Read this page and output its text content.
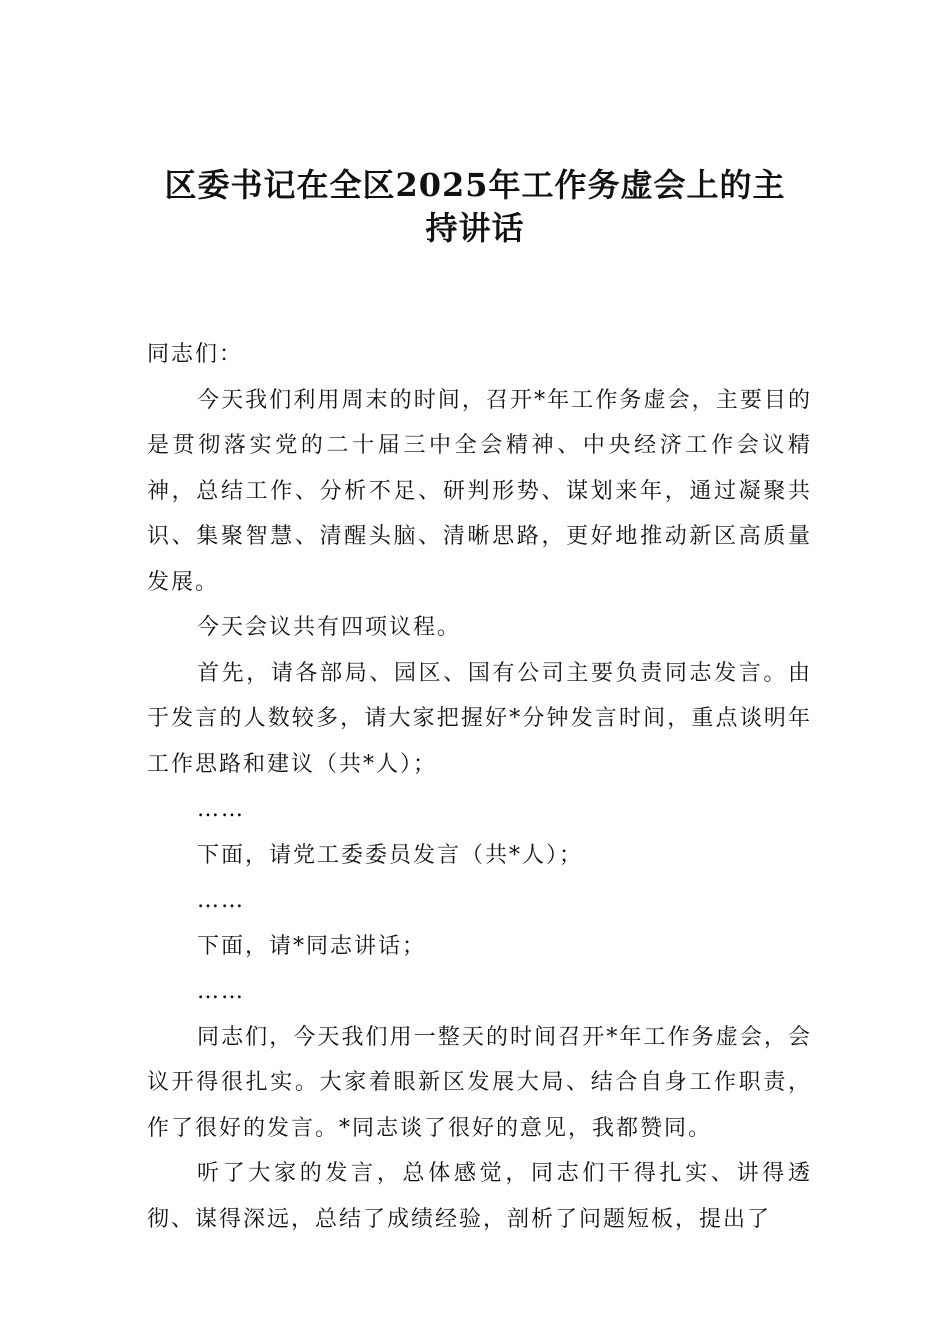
区委书记在全区2025年工作务虚会上的主
持讲话

同志们：

今天我们利用周末的时间，召开*年工作务虚会，主要目的是贯彻落实党的二十届三中全会精神、中央经济工作会议精神，总结工作、分析不足、研判形势、谋划来年，通过凝聚共识、集聚智慧、清醒头脑、清晰思路，更好地推动新区高质量发展。

今天会议共有四项议程。

首先，请各部局、园区、国有公司主要负责同志发言。由于发言的人数较多，请大家把握好*分钟发言时间，重点谈明年工作思路和建议（共*人）；

……

下面，请党工委委员发言（共*人）；

……

下面，请*同志讲话；

……

同志们，今天我们用一整天的时间召开*年工作务虚会，会议开得很扎实。大家着眼新区发展大局、结合自身工作职责，作了很好的发言。*同志谈了很好的意见，我都赞同。

听了大家的发言，总体感觉，同志们干得扎实、讲得透彻、谋得深远，总结了成绩经验，剖析了问题短板，提出了
